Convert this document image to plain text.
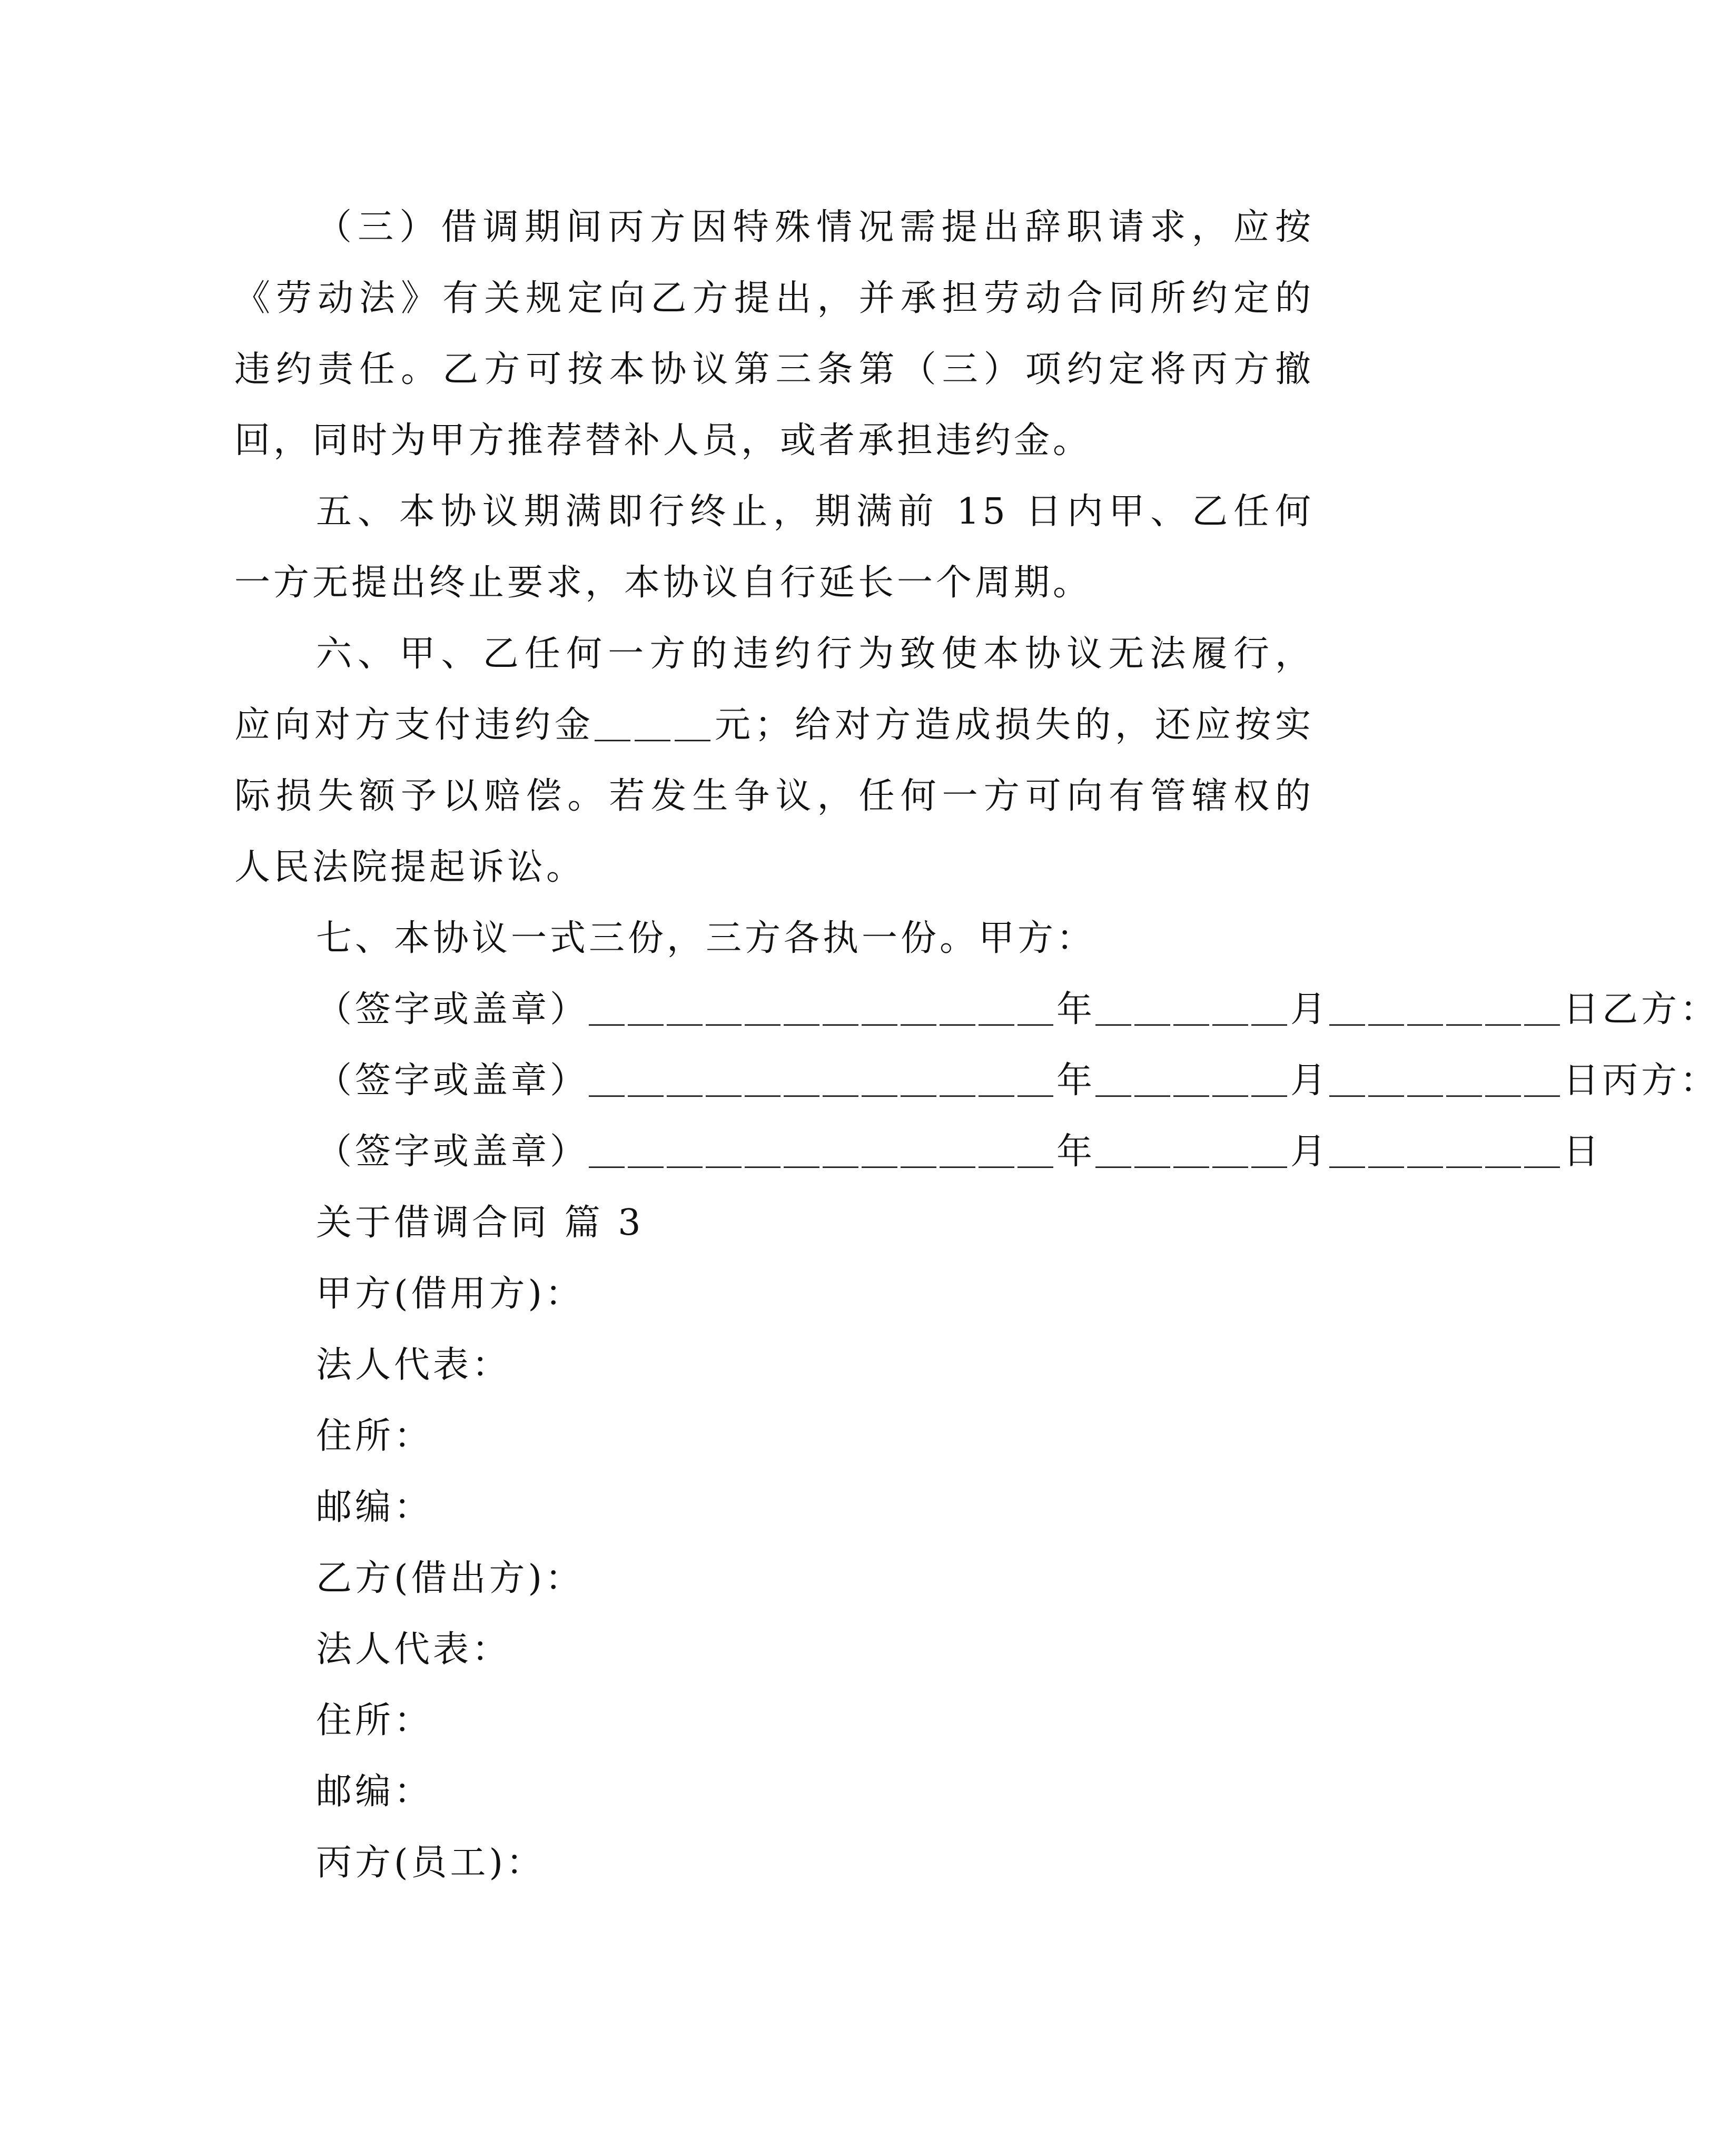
（三）借调期间丙方因特殊情况需提出辞职请求，应按
《劳动法》有关规定向乙方提出，并承担劳动合同所约定的
违约责任。乙方可按本协议第三条第（三）项约定将丙方撤
回，同时为甲方推荐替补人员，或者承担违约金。
五、本协议期满即行终止，期满前 15 日内甲、乙任何
一方无提出终止要求，本协议自行延长一个周期。
六、甲、乙任何一方的违约行为致使本协议无法履行，
应向对方支付违约金＿＿＿元；给对方造成损失的，还应按实
际损失额予以赔偿。若发生争议，任何一方可向有管辖权的
人民法院提起诉讼。
七、本协议一式三份，三方各执一份。甲方：
（签字或盖章）＿＿＿＿＿＿＿＿＿＿＿＿年＿＿＿＿＿月＿＿＿＿＿＿日乙方：
（签字或盖章）＿＿＿＿＿＿＿＿＿＿＿＿年＿＿＿＿＿月＿＿＿＿＿＿日丙方：
（签字或盖章）＿＿＿＿＿＿＿＿＿＿＿＿年＿＿＿＿＿月＿＿＿＿＿＿日
关于借调合同 篇 3
甲方(借用方)：
法人代表：
住所：
邮编：
乙方(借出方)：
法人代表：
住所：
邮编：
丙方(员工)：
